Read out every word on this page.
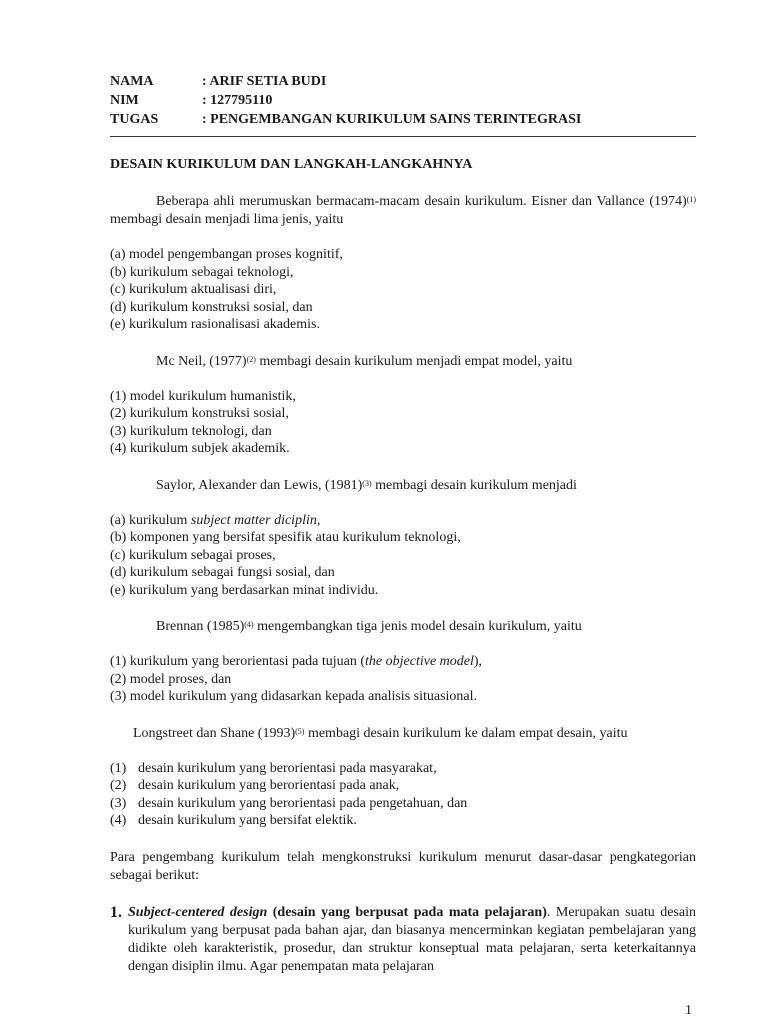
NAMA	: ARIF SETIA BUDI
NIM	: 127795110
TUGAS	: PENGEMBANGAN KURIKULUM SAINS TERINTEGRASI
DESAIN KURIKULUM DAN LANGKAH-LANGKAHNYA
Beberapa ahli merumuskan bermacam-macam desain kurikulum. Eisner dan Vallance $(1974)^{(1)}$ membagi desain menjadi lima jenis, yaitu
(a) model pengembangan proses kognitif,
(b) kurikulum sebagai teknologi,
(c) kurikulum aktualisasi diri,
(d) kurikulum konstruksi sosial, dan
(e) kurikulum rasionalisasi akademis.
Mc Neil, $(1977)^{(2)}$ membagi desain kurikulum menjadi empat model, yaitu
(1) model kurikulum humanistik,
(2) kurikulum konstruksi sosial,
(3) kurikulum teknologi, dan
(4) kurikulum subjek akademik.
Saylor, Alexander dan Lewis, $(1981)^{(3)}$ membagi desain kurikulum menjadi
(a) kurikulum subject matter diciplin,
(b) komponen yang bersifat spesifik atau kurikulum teknologi,
(c) kurikulum sebagai proses,
(d) kurikulum sebagai fungsi sosial, dan
(e) kurikulum yang berdasarkan minat individu.
Brennan $(1985)^{(4)}$ mengembangkan tiga jenis model desain kurikulum, yaitu
(1) kurikulum yang berorientasi pada tujuan (the objective model),
(2) model proses, dan
(3) model kurikulum yang didasarkan kepada analisis situasional.
Longstreet dan Shane $(1993)^{(5)}$ membagi desain kurikulum ke dalam empat desain, yaitu
(1) desain kurikulum yang berorientasi pada masyarakat,
(2) desain kurikulum yang berorientasi pada anak,
(3) desain kurikulum yang berorientasi pada pengetahuan, dan
(4) desain kurikulum yang bersifat elektik.
Para pengembang kurikulum telah mengkonstruksi kurikulum menurut dasar-dasar pengkategorian sebagai berikut:
1. Subject-centered design (desain yang berpusat pada mata pelajaran). Merupakan suatu desain kurikulum yang berpusat pada bahan ajar, dan biasanya mencerminkan kegiatan pembelajaran yang didikte oleh karakteristik, prosedur, dan struktur konseptual mata pelajaran, serta keterkaitannya dengan disiplin ilmu. Agar penempatan mata pelajaran
1
